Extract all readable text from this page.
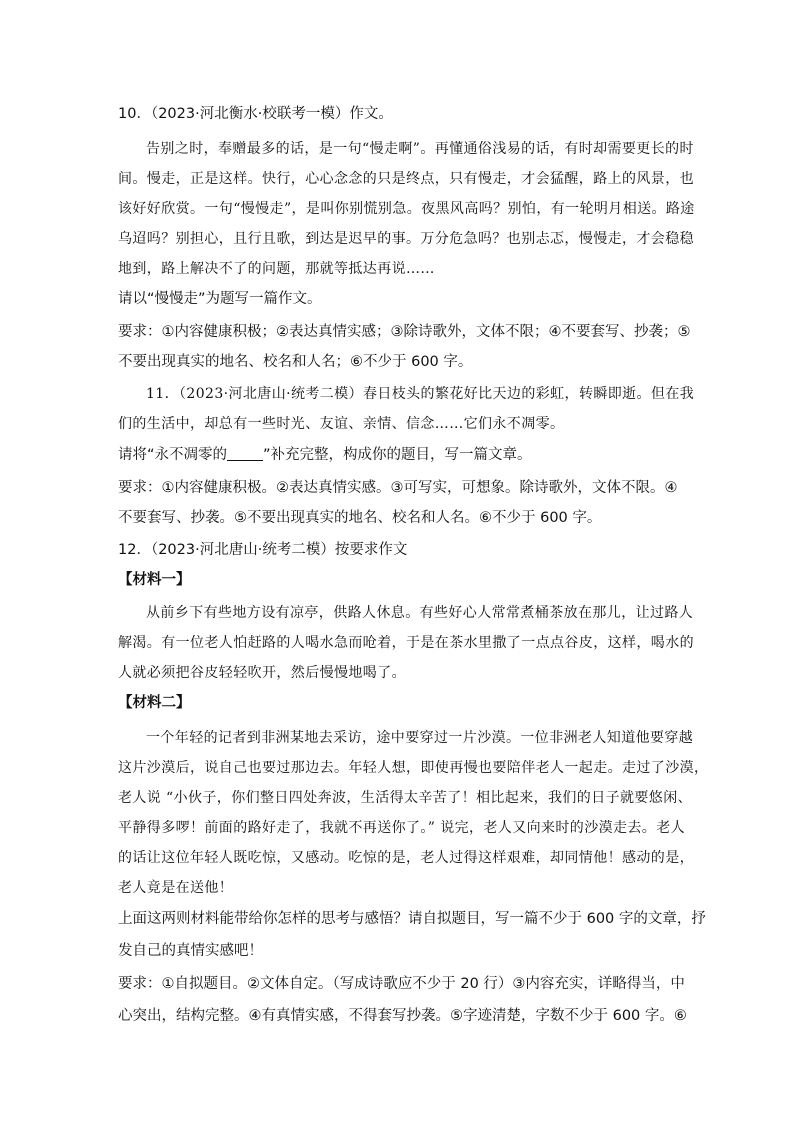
10．（2023·河北衡水·校联考一模）作文。
告别之时，奉赠最多的话，是一句“慢走啊”。再懂通俗浅易的话，有时却需要更长的时
间。慢走，正是这样。快行，心心念念的只是终点，只有慢走，才会猛醒，路上的风景，也
该好好欣赏。一句“慢慢走”，是叫你别慌别急。夜黑风高吗？别怕，有一轮明月相送。路途
乌迢吗？别担心，且行且歌，到达是迟早的事。万分危急吗？也别忐忑，慢慢走，才会稳稳
地到，路上解决不了的问题，那就等抵达再说……
请以“慢慢走”为题写一篇作文。
要求：①内容健康积极；②表达真情实感；③除诗歌外，文体不限；④不要套写、抄袭；⑤
不要出现真实的地名、校名和人名；⑥不少于 600 字。
11．（2023·河北唐山·统考二模）春日枝头的繁花好比天边的彩虹，转瞬即逝。但在我
们的生活中，却总有一些时光、友谊、亲情、信念……它们永不凋零。
请将“永不凋零的 ”补充完整，构成你的题目，写一篇文章。
要求：①内容健康积极。②表达真情实感。③可写实，可想象。除诗歌外，文体不限。④
不要套写、抄袭。⑤不要出现真实的地名、校名和人名。⑥不少于 600 字。
12．（2023·河北唐山·统考二模）按要求作文
【材料一】
从前乡下有些地方设有凉亭，供路人休息。有些好心人常常煮桶茶放在那儿，让过路人
解渴。有一位老人怕赶路的人喝水急而呛着，于是在茶水里撒了一点点谷皮，这样，喝水的
人就必须把谷皮轻轻吹开，然后慢慢地喝了。
【材料二】
一个年轻的记者到非洲某地去采访，途中要穿过一片沙漠。一位非洲老人知道他要穿越
这片沙漠后，说自己也要过那边去。年轻人想，即使再慢也要陪伴老人一起走。走过了沙漠，
老人说 “小伙子，你们整日四处奔波，生活得太辛苦了！相比起来，我们的日子就要悠闲、
平静得多啰！前面的路好走了，我就不再送你了。” 说完，老人又向来时的沙漠走去。老人
的话让这位年轻人既吃惊，又感动。吃惊的是，老人过得这样艰难，却同情他！感动的是，
老人竟是在送他！
上面这两则材料能带给你怎样的思考与感悟？请自拟题目，写一篇不少于 600 字的文章，抒
发自己的真情实感吧！
要求：①自拟题目。②文体自定。（写成诗歌应不少于 20 行）③内容充实，详略得当，中
心突出，结构完整。④有真情实感，不得套写抄袭。⑤字迹清楚，字数不少于 600 字。⑥
